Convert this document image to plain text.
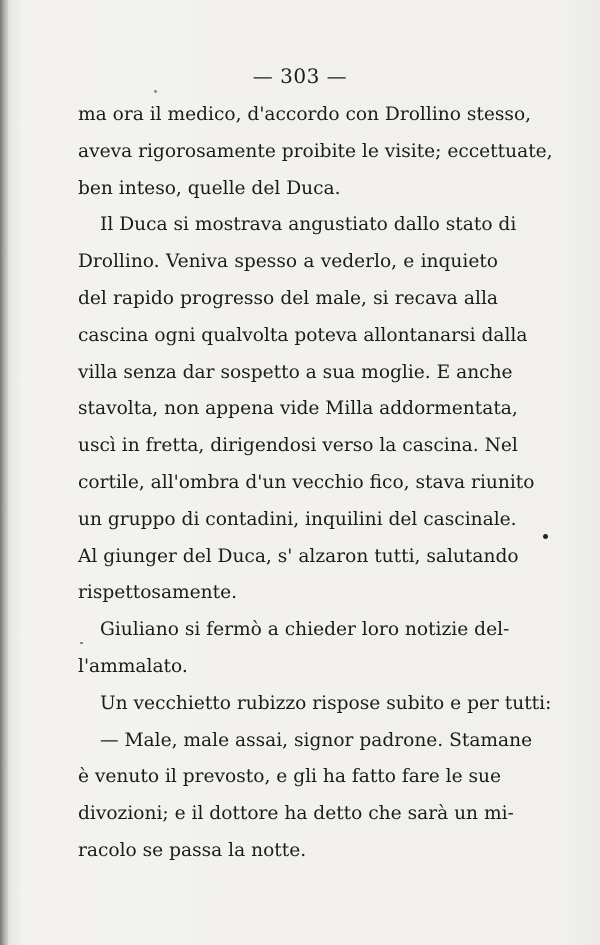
— 303 —
ma ora il medico, d'accordo con Drollino stesso,
aveva rigorosamente proibite le visite; eccettuate,
ben inteso, quelle del Duca.
Il Duca si mostrava angustiato dallo stato di
Drollino. Veniva spesso a vederlo, e inquieto
del rapido progresso del male, si recava alla
cascina ogni qualvolta poteva allontanarsi dalla
villa senza dar sospetto a sua moglie. E anche
stavolta, non appena vide Milla addormentata,
uscì in fretta, dirigendosi verso la cascina. Nel
cortile, all'ombra d'un vecchio fico, stava riunito
un gruppo di contadini, inquilini del cascinale.
Al giunger del Duca, s' alzaron tutti, salutando
rispettosamente.
Giuliano si fermò a chieder loro notizie del-
l'ammalato.
Un vecchietto rubizzo rispose subito e per tutti:
— Male, male assai, signor padrone. Stamane
è venuto il prevosto, e gli ha fatto fare le sue
divozioni; e il dottore ha detto che sarà un mi-
racolo se passa la notte.
